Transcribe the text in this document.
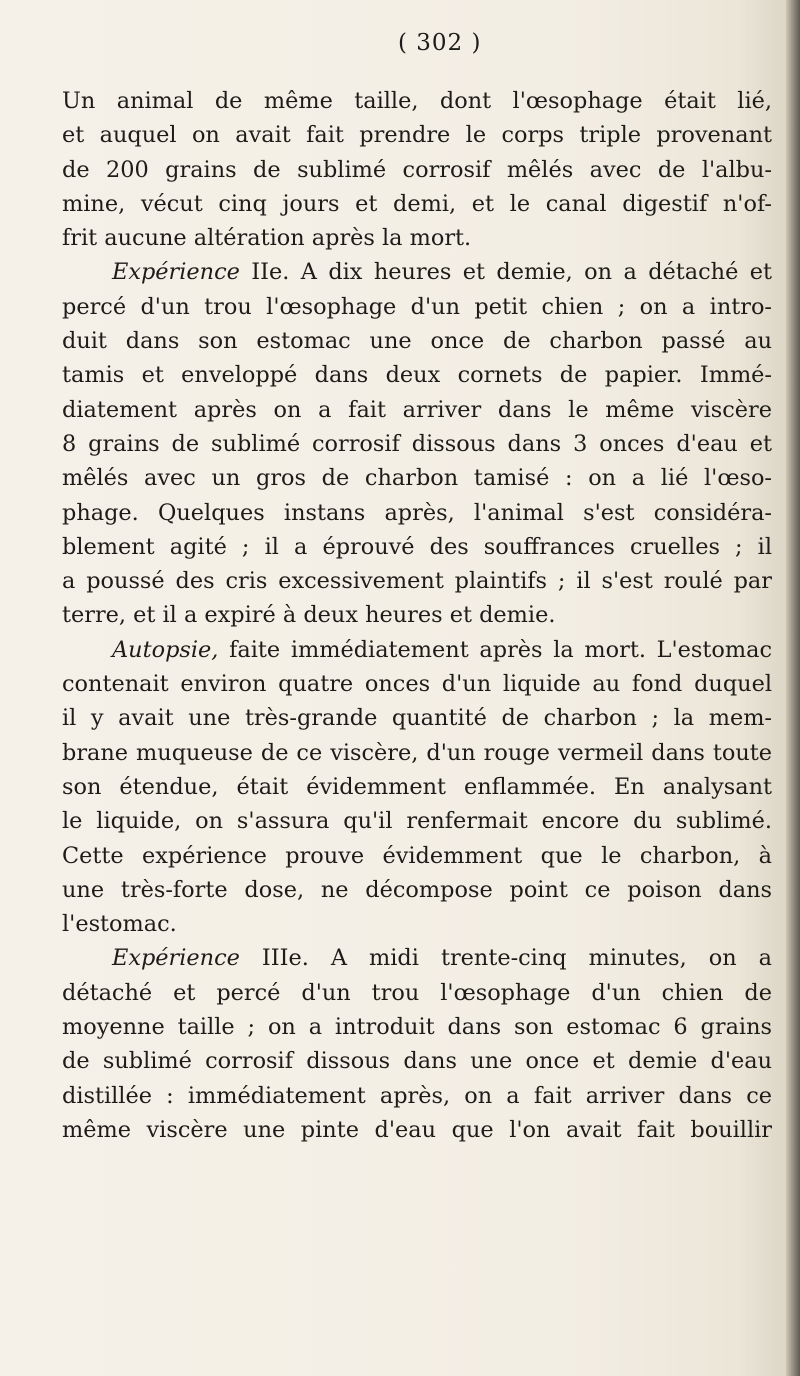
( 302 )
Un animal de même taille, dont l'œsophage était lié,
et auquel on avait fait prendre le corps triple provenant
de 200 grains de sublimé corrosif mêlés avec de l'albu-
mine, vécut cinq jours et demi, et le canal digestif n'of-
frit aucune altération après la mort.
Expérience IIe. A dix heures et demie, on a détaché et
percé d'un trou l'œsophage d'un petit chien ; on a intro-
duit dans son estomac une once de charbon passé au
tamis et enveloppé dans deux cornets de papier. Immé-
diatement après on a fait arriver dans le même viscère
8 grains de sublimé corrosif dissous dans 3 onces d'eau et
mêlés avec un gros de charbon tamisé : on a lié l'œso-
phage. Quelques instans après, l'animal s'est considéra-
blement agité ; il a éprouvé des souffrances cruelles ; il
a poussé des cris excessivement plaintifs ; il s'est roulé par
terre, et il a expiré à deux heures et demie.
Autopsie, faite immédiatement après la mort. L'estomac
contenait environ quatre onces d'un liquide au fond duquel
il y avait une très-grande quantité de charbon ; la mem-
brane muqueuse de ce viscère, d'un rouge vermeil dans toute
son étendue, était évidemment enflammée. En analysant
le liquide, on s'assura qu'il renfermait encore du sublimé.
Cette expérience prouve évidemment que le charbon, à
une très-forte dose, ne décompose point ce poison dans
l'estomac.
Expérience IIIe. A midi trente-cinq minutes, on a
détaché et percé d'un trou l'œsophage d'un chien de
moyenne taille ; on a introduit dans son estomac 6 grains
de sublimé corrosif dissous dans une once et demie d'eau
distillée : immédiatement après, on a fait arriver dans ce
même viscère une pinte d'eau que l'on avait fait bouillir
